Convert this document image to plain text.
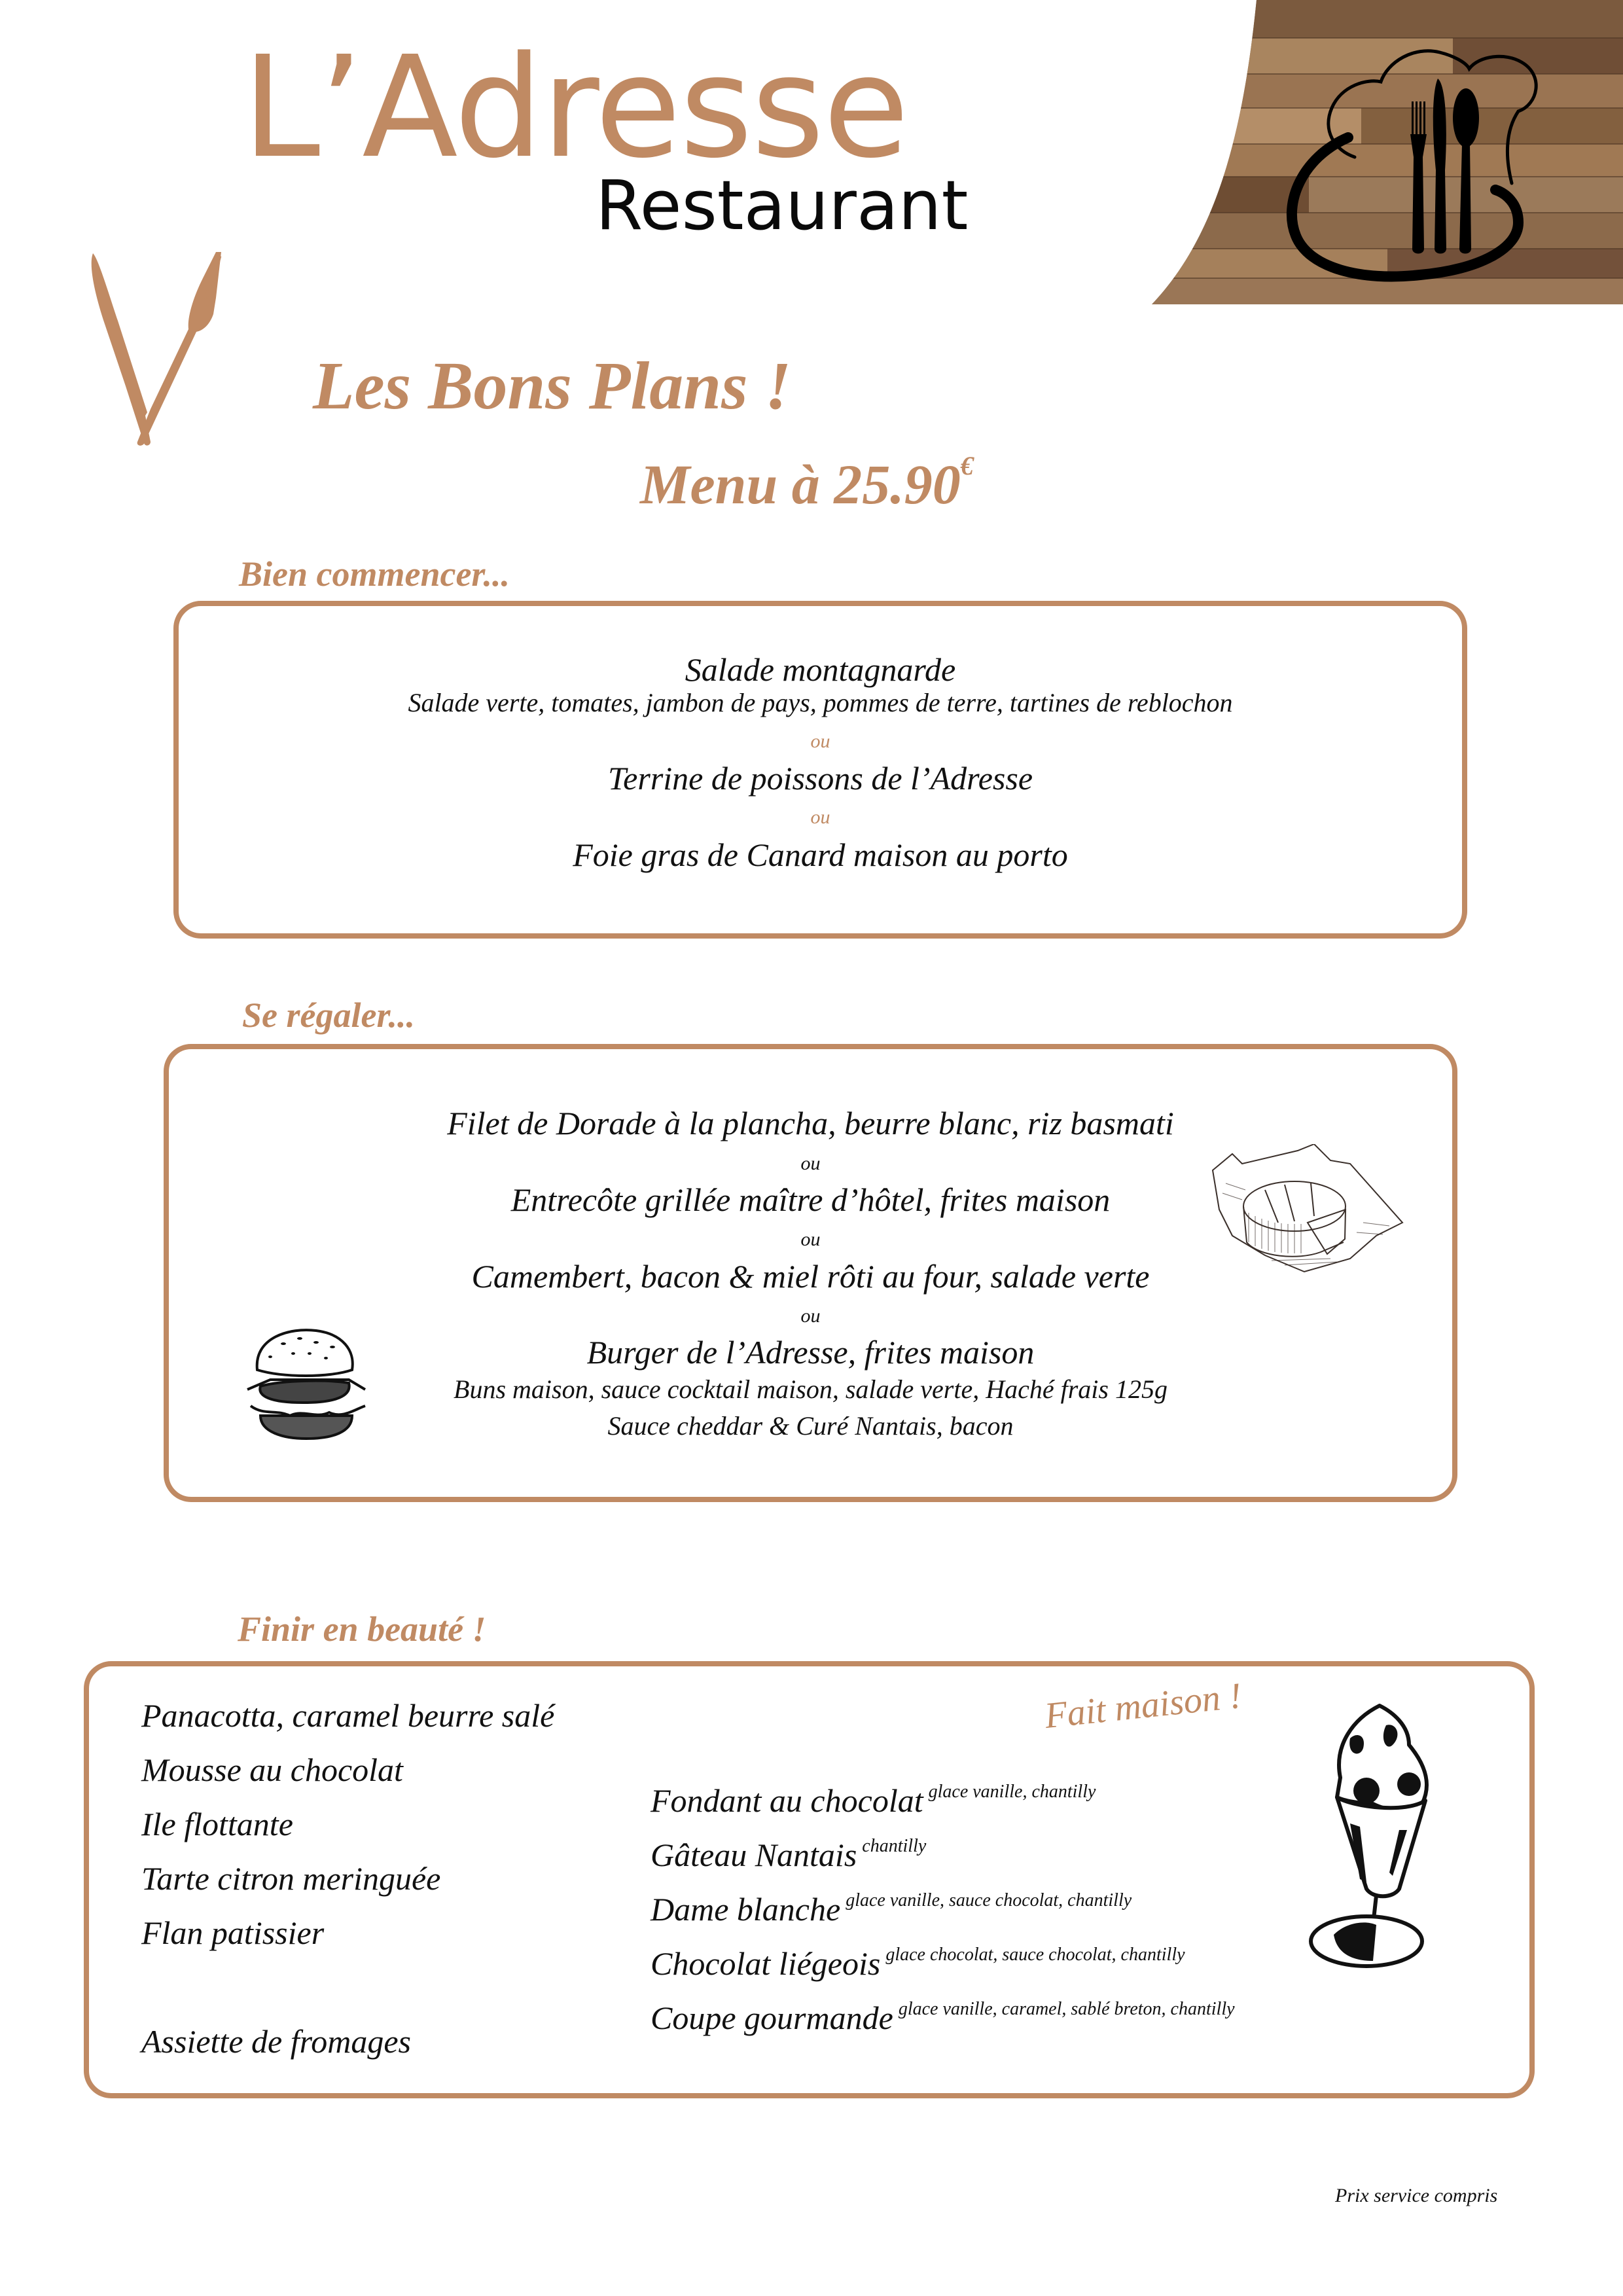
L’Adresse
Restaurant
Les Bons Plans !
Menu à 25.90€
Bien commencer...
Salade montagnarde
Salade verte, tomates, jambon de pays, pommes de terre, tartines de reblochon
ou
Terrine de poissons de l’Adresse
ou
Foie gras de Canard maison au porto
Se régaler...
Filet de Dorade à la plancha, beurre blanc, riz basmati
ou
Entrecôte grillée maître d’hôtel, frites maison
ou
Camembert, bacon & miel rôti au four, salade verte
ou
Burger de l’Adresse, frites maison
Buns maison, sauce cocktail maison, salade verte, Haché frais 125g
Sauce cheddar & Curé Nantais, bacon
Finir en beauté !
Panacotta, caramel beurre salé
Mousse au chocolat
Ile flottante
Tarte citron meringuée
Flan patissier
Assiette de fromages
Fondant au chocolat $^{glace vanille, chantilly}$
Gâteau Nantais $^{chantilly}$
Dame blanche $^{glace vanille, sauce chocolat, chantilly}$
Chocolat liégeois $^{glace chocolat, sauce chocolat, chantilly}$
Coupe gourmande $^{glace vanille, caramel, sablé breton, chantilly}$
Fait maison !
Prix service compris
